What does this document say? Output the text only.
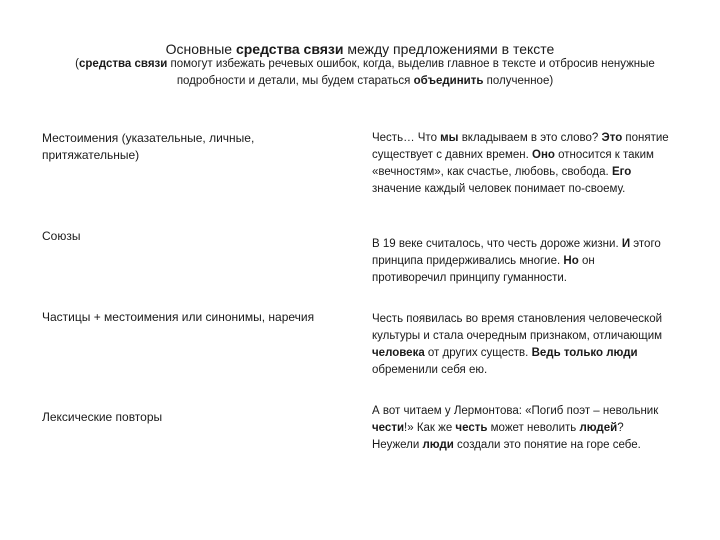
Основные средства связи между предложениями в тексте
(средства связи помогут избежать речевых ошибок, когда, выделив главное в тексте и отбросив ненужные подробности и детали, мы будем стараться объединить полученное)
Местоимения (указательные, личные, притяжательные)
Честь… Что мы вкладываем в это слово? Это понятие существует с давних времен. Оно относится к таким «вечностям», как счастье, любовь, свобода. Его значение каждый человек понимает по-своему.
Союзы
В 19 веке считалось, что честь дороже жизни. И этого принципа придерживались многие. Но он противоречил принципу гуманности.
Частицы + местоимения или синонимы, наречия	Честь появилась во время становления человеческой культуры и стала очередным признаком, отличающим человека от других существ. Ведь только люди обременили себя ею.
Лексические повторы	А вот читаем у Лермонтова: «Погиб поэт – невольник чести!» Как же честь может неволить людей? Неужели люди создали это понятие на горе себе.
